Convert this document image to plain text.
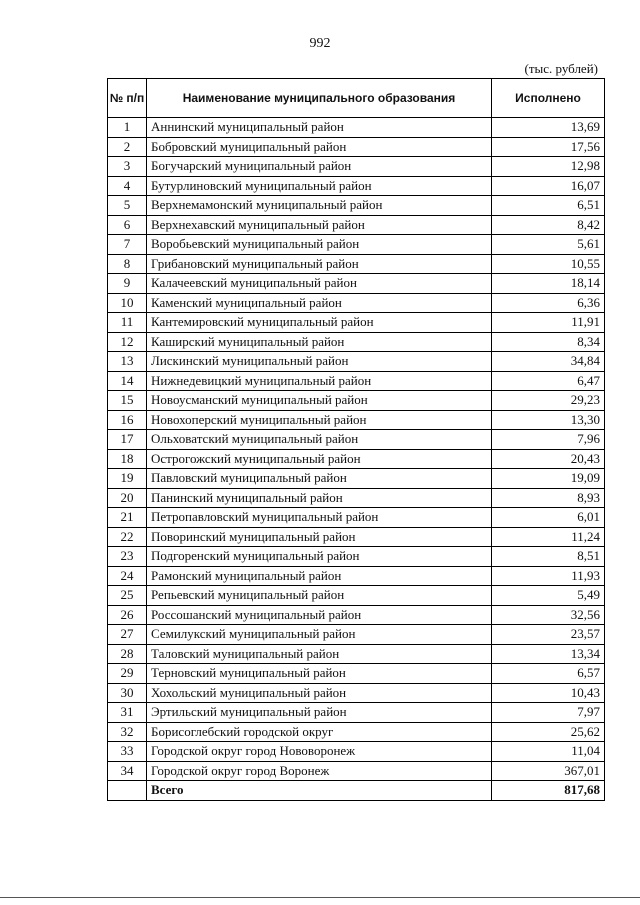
992
(тыс. рублей)
№ п/п	Наименование муниципального образования	Исполнено
1	Аннинский муниципальный район	13,69
2	Бобровский муниципальный район	17,56
3	Богучарский муниципальный район	12,98
4	Бутурлиновский муниципальный район	16,07
5	Верхнемамонский муниципальный район	6,51
6	Верхнехавский муниципальный район	8,42
7	Воробьевский муниципальный район	5,61
8	Грибановский муниципальный район	10,55
9	Калачеевский муниципальный район	18,14
10	Каменский муниципальный район	6,36
11	Кантемировский муниципальный район	11,91
12	Каширский муниципальный район	8,34
13	Лискинский муниципальный район	34,84
14	Нижнедевицкий муниципальный район	6,47
15	Новоусманский муниципальный район	29,23
16	Новохоперский муниципальный район	13,30
17	Ольховатский муниципальный район	7,96
18	Острогожский муниципальный район	20,43
19	Павловский муниципальный район	19,09
20	Панинский муниципальный район	8,93
21	Петропавловский муниципальный район	6,01
22	Поворинский муниципальный район	11,24
23	Подгоренский муниципальный район	8,51
24	Рамонский муниципальный район	11,93
25	Репьевский муниципальный район	5,49
26	Россошанский муниципальный район	32,56
27	Семилукский муниципальный район	23,57
28	Таловский муниципальный район	13,34
29	Терновский муниципальный район	6,57
30	Хохольский муниципальный район	10,43
31	Эртильский муниципальный район	7,97
32	Борисоглебский городской округ	25,62
33	Городской округ город Нововоронеж	11,04
34	Городской округ город Воронеж	367,01
	Всего	817,68
